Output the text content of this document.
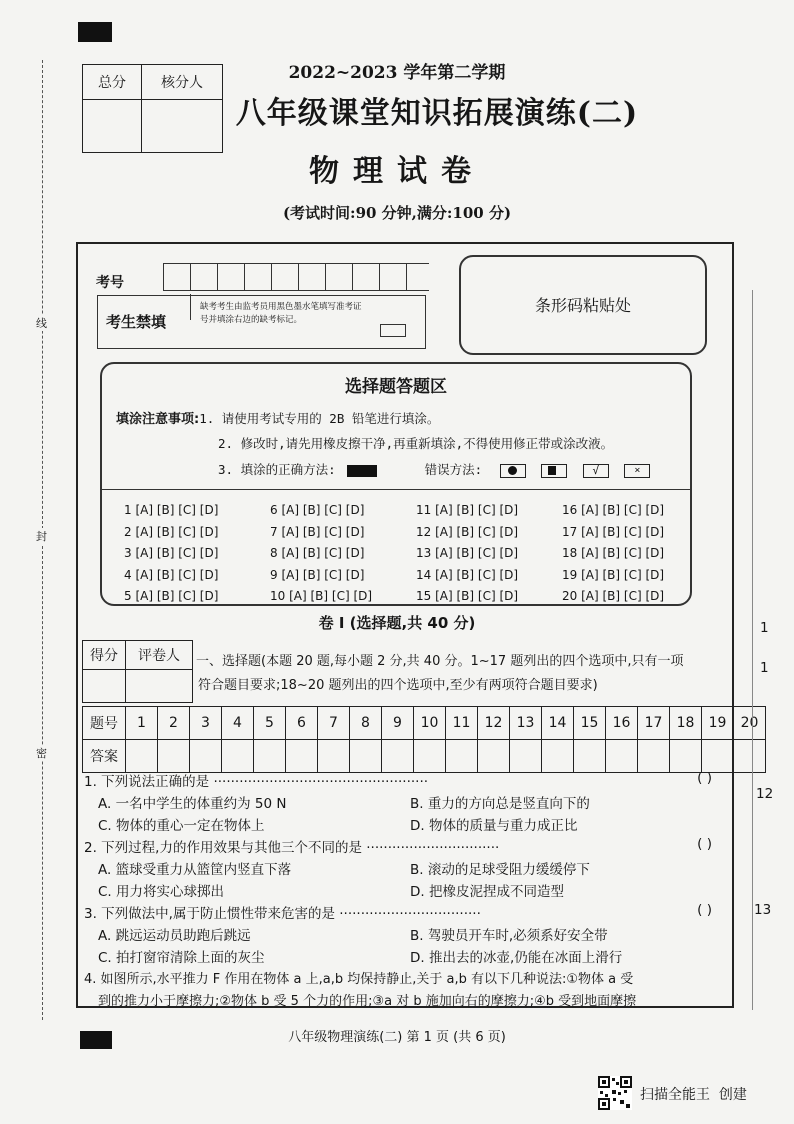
线
封
密
总分	核分人
		2022~2023 学年第二学期
八年级课堂知识拓展演练(二)
物理试卷
(考试时间:90 分钟,满分:100 分)
考号
考生禁填
缺考考生由监考员用黑色墨水笔填写准考证号并填涂右边的缺考标记。
条形码粘贴处
选择题答题区
填涂注意事项:1. 请使用考试专用的 2B 铅笔进行填涂。
2. 修改时,请先用橡皮擦干净,再重新填涂,不得使用修正带或涂改液。
3. 填涂的正确方法:	错误方法:
	√	×
1 [A] [B] [C] [D]
2 [A] [B] [C] [D]
3 [A] [B] [C] [D]
4 [A] [B] [C] [D]
5 [A] [B] [C] [D]
6 [A] [B] [C] [D]
7 [A] [B] [C] [D]
8 [A] [B] [C] [D]
9 [A] [B] [C] [D]
10 [A] [B] [C] [D]
11 [A] [B] [C] [D]
12 [A] [B] [C] [D]
13 [A] [B] [C] [D]
14 [A] [B] [C] [D]
15 [A] [B] [C] [D]
16 [A] [B] [C] [D]
17 [A] [B] [C] [D]
18 [A] [B] [C] [D]
19 [A] [B] [C] [D]
20 [A] [B] [C] [D]
卷 I (选择题,共 40 分)
得分	评卷人
	一、选择题(本题 20 题,每小题 2 分,共 40 分。1~17 题列出的四个选项中,只有一项
符合题目要求;18~20 题列出的四个选项中,至少有两项符合题目要求)
题号	1	2	3	4	5	6	7	8	9	10	11	12	13	14	15	16	17	18	19	20
答案																				
1. 下列说法正确的是 ··················································	( )
A. 一名中学生的体重约为 50 N	B. 重力的方向总是竖直向下的
C. 物体的重心一定在物体上	D. 物体的质量与重力成正比
2. 下列过程,力的作用效果与其他三个不同的是 ·······························	( )
A. 篮球受重力从篮筐内竖直下落	B. 滚动的足球受阻力缓缓停下
C. 用力将实心球掷出	D. 把橡皮泥捏成不同造型
3. 下列做法中,属于防止惯性带来危害的是 ·································	( )
A. 跳远运动员助跑后跳远	B. 驾驶员开车时,必须系好安全带
C. 拍打窗帘清除上面的灰尘	D. 推出去的冰壶,仍能在冰面上滑行
4. 如图所示,水平推力 F 作用在物体 a 上,a,b 均保持静止,关于 a,b 有以下几种说法:①物体 a 受
到的推力小于摩擦力;②物体 b 受 5 个力的作用;③a 对 b 施加向右的摩擦力;④b 受到地面摩擦
1
1
12
13
八年级物理演练(二) 第 1 页 (共 6 页)
扫描全能王  创建
